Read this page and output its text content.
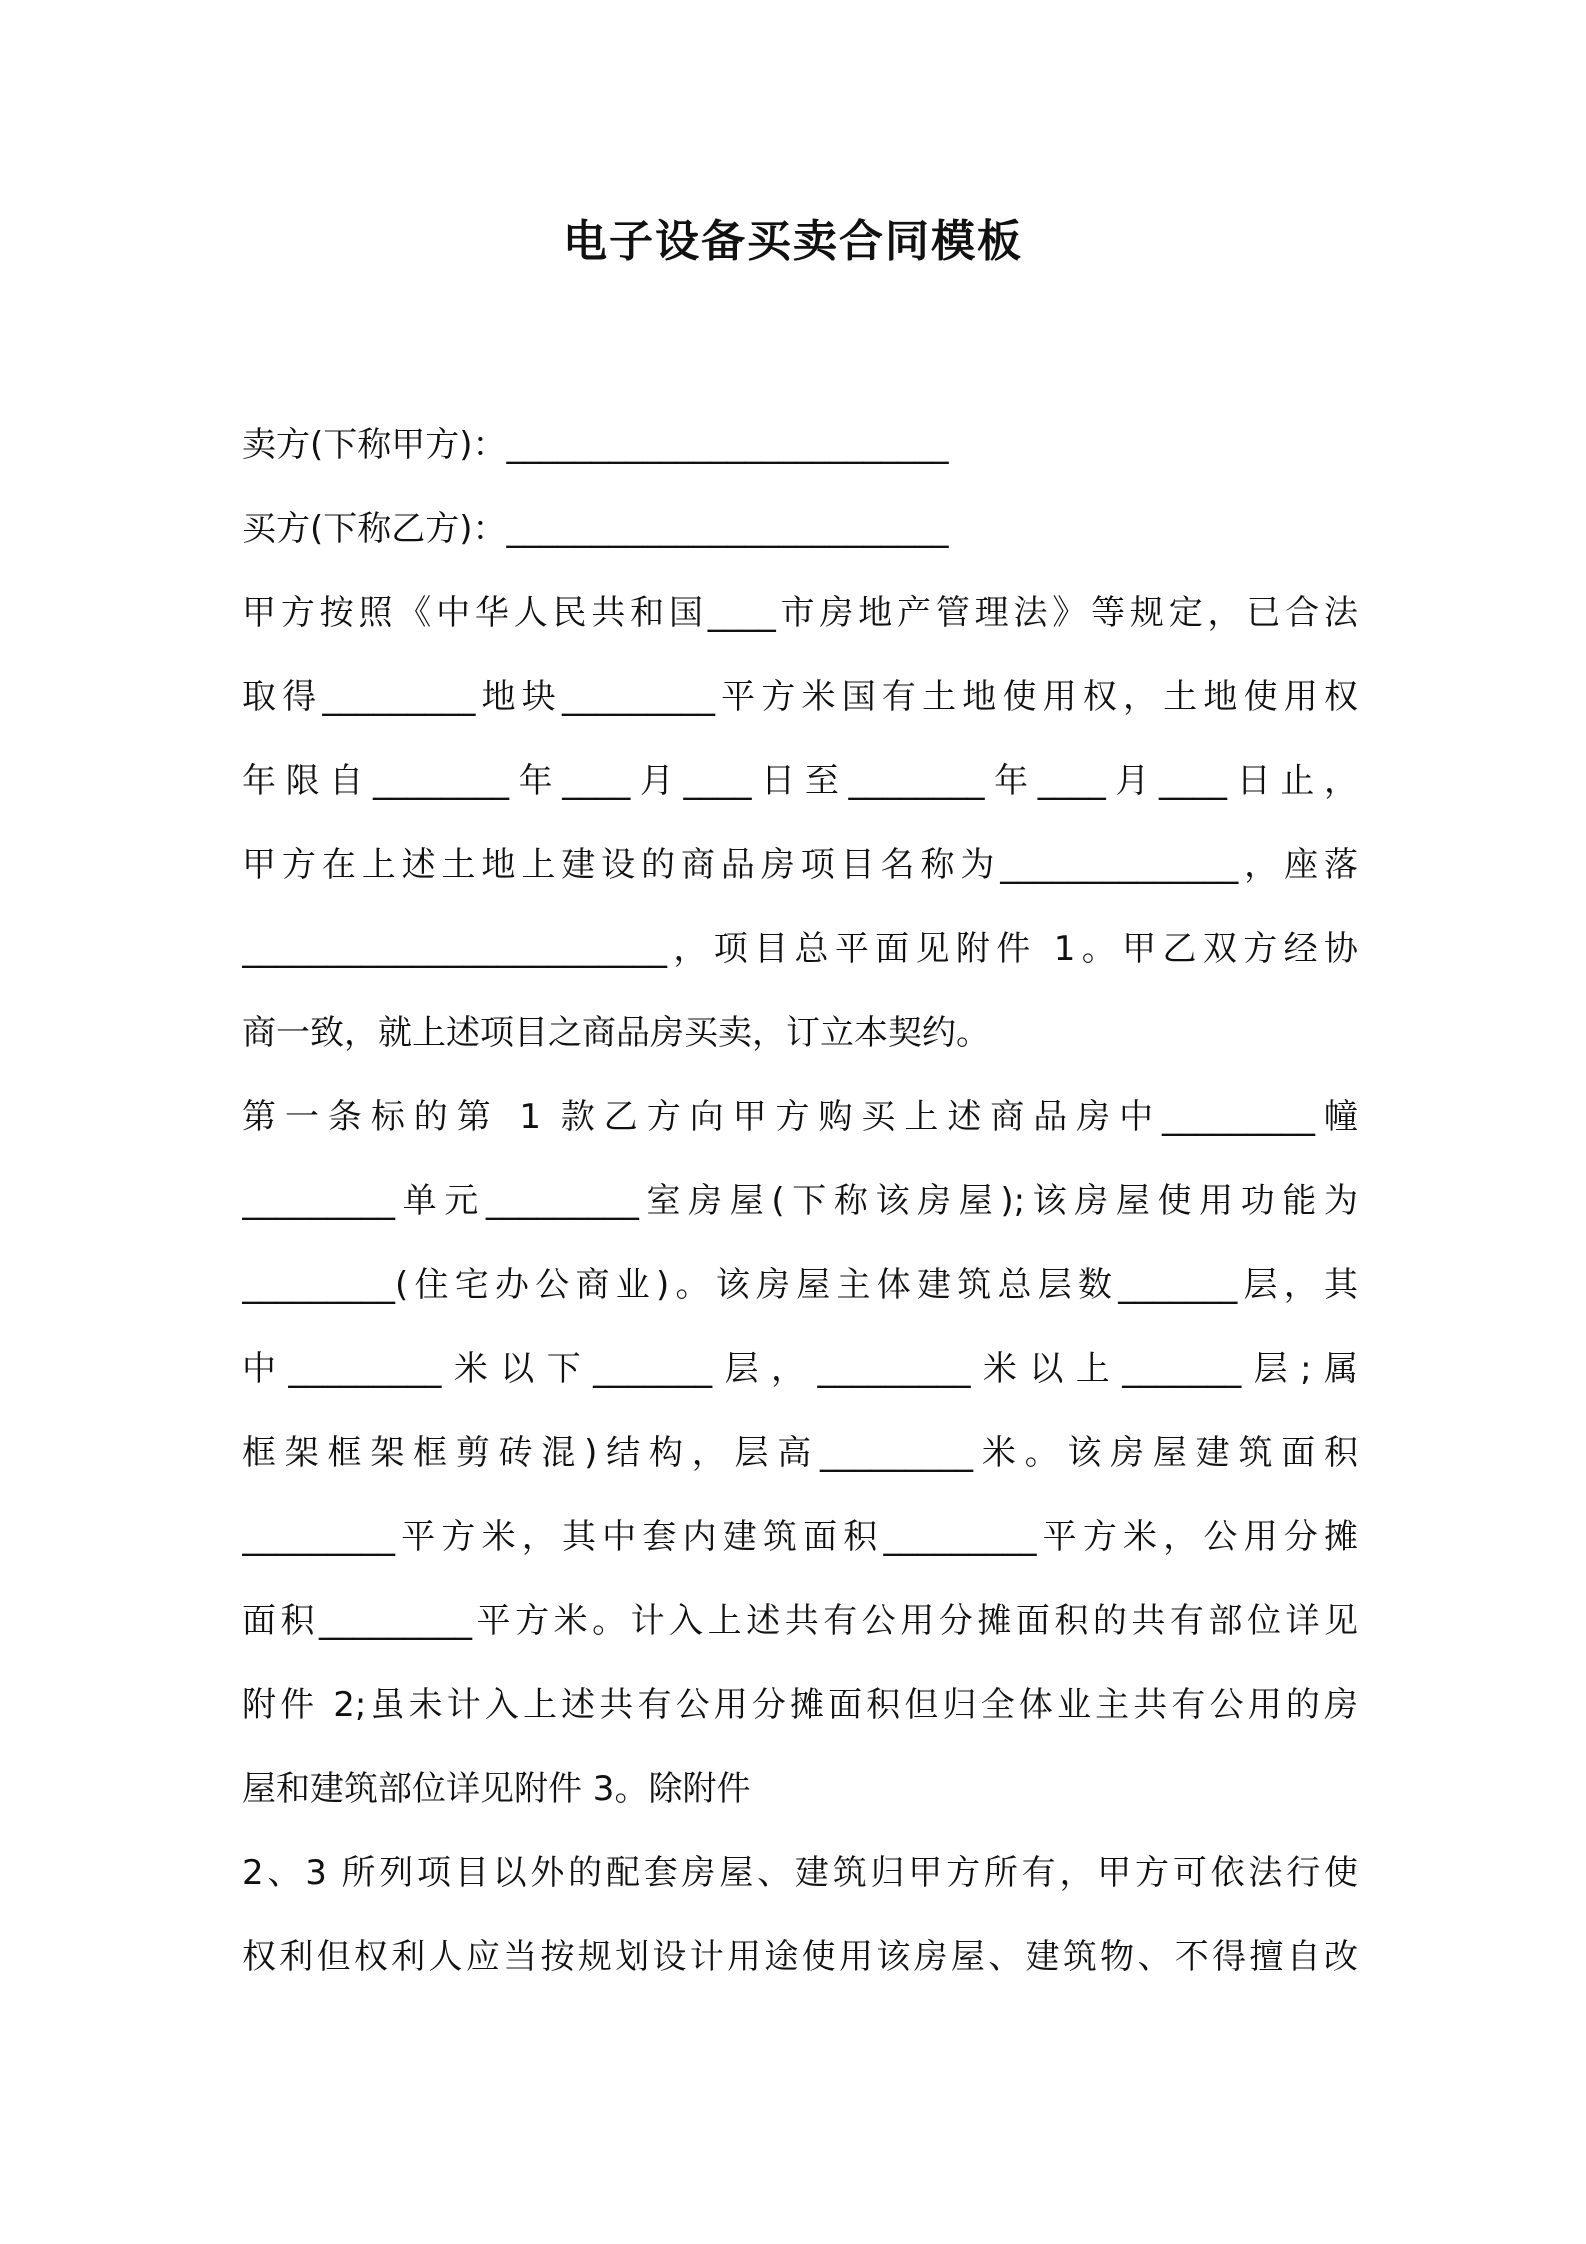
电子设备买卖合同模板
卖方(下称甲方)：__________________________
买方(下称乙方)：__________________________
甲方按照《中华人民共和国____市房地产管理法》等规定，已合法
取得_________地块_________平方米国有土地使用权，土地使用权
年限自________年____月____日至________年____月____日止，
甲方在上述土地上建设的商品房项目名称为______________，座落
_________________________，项目总平面见附件 1。甲乙双方经协
商一致，就上述项目之商品房买卖，订立本契约。
第一条标的第 1 款乙方向甲方购买上述商品房中_________幢
_________单元_________室房屋(下称该房屋);该房屋使用功能为
_________(住宅办公商业)。该房屋主体建筑总层数_______层，其
中_________米以下_______层，_________米以上_______层;属
框架框架框剪砖混)结构，层高_________米。该房屋建筑面积
_________平方米，其中套内建筑面积_________平方米，公用分摊
面积_________平方米。计入上述共有公用分摊面积的共有部位详见
附件 2;虽未计入上述共有公用分摊面积但归全体业主共有公用的房
屋和建筑部位详见附件 3。除附件
2、3 所列项目以外的配套房屋、建筑归甲方所有，甲方可依法行使
权利但权利人应当按规划设计用途使用该房屋、建筑物、不得擅自改
